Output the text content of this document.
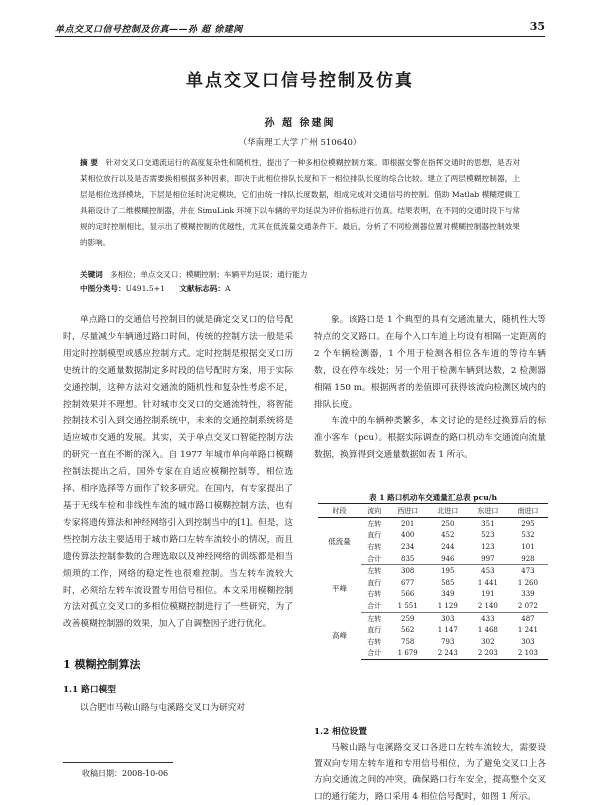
单点交叉口信号控制及仿真——孙 超 徐建闽	35
单点交叉口信号控制及仿真
孙 超 徐建闽
（华南理工大学 广州 510640）
摘 要 针对交叉口交通流运行的高度复杂性和随机性，提出了一种多相位模糊控制方案。即根据交警在指挥交通时的思想，是否对某相位放行以及是否需要换相根据多种因素，即决于此相位排队长度和下一相位排队长度的综合比较。建立了两层模糊控制器，上层是相位选择模块，下层是相位延时决定模块，它们由统一排队长度数据，组成完成对交通信号的控制。借助 Matlab 模糊逻辑工具箱设计了二维模糊控制器，并在 SimuLink 环境下以车辆的平均延误为评价指标进行仿真。结果表明，在不同的交通时段下与常规的定时控制相比，显示出了模糊控制的优越性，尤其在低流量交通条件下。最后，分析了不同检测器位置对模糊控制器控制效果的影响。
关键词 多相位；单点交叉口；模糊控制；车辆平均延误；通行能力
中图分类号：U491.5+1 文献标志码：A

单点路口的交通信号控制目的就是确定交叉口的信号配时，尽量减少车辆通过路口时间，传统的控制方法一般是采用定时控制模型或感应控制方式。定时控制是根据交叉口历史统计的交通量数据制定多时段的信号配时方案，用于实际交通控制，这种方法对交通流的随机性和复杂性考虑不足，控制效果并不理想。针对城市交叉口的交通流特性，将智能控制技术引入到交通控制系统中，未来的交通控制系统将是适应城市交通的发展。其实，关于单点交叉口智能控制方法的研究一直在不断的深入。自 1977 年城市单向单路口模糊控制法提出之后，国外专家在自适应模糊控制等，相位选择、相序选择等方面作了较多研究。在国内，有专家提出了基于无线车检和非线性车流的城市路口模糊控制方法，也有专家将遗传算法和神经网络引入到控制当中的[1]。但是，这些控制方法主要适用于城市路口左转车流较小的情况，而且遗传算法控制参数的合理选取以及神经网络的训练都是相当烦琐的工作，网络的稳定性也很难控制。当左转车流较大时，必须给左转车流设置专用信号相位。本文采用模糊控制方法对孤立交叉口的多相位模糊控制进行了一些研究，为了改善模糊控制器的效果，加入了自调整因子进行优化。

1 模糊控制算法
1.1 路口模型
以合肥市马鞍山路与屯溪路交叉口为研究对
收稿日期：2008-10-06

象。该路口是 1 个典型的具有交通流量大，随机性大等特点的交叉路口。在每个入口车道上均设有相隔一定距离的 2 个车辆检测器，1 个用于检测各相位各车道的等待车辆数，设在停车线处；另一个用于检测车辆到达数，2 检测器相隔 150 m。根据两者的差值即可获得该流向检测区域内的排队长度。

车流中的车辆种类繁多，本文讨论的是经过换算后的标准小客车（pcu）。根据实际调查的路口机动车交通流向流量数据，换算得到交通量数据如表 1 所示。

表 1 路口机动车交通量汇总表 pcu/h
时段	流向	西进口	北进口	东进口	南进口
低流量	左转	201	250	351	295
	直行	400	452	523	532
	右转	234	244	123	101
	合计	835	946	997	928
平峰	左转	308	195	453	473
	直行	677	585	1 441	1 260
	右转	566	349	191	339
	合计	1 551	1 129	2 140	2 072
高峰	左转	259	303	433	487
	直行	562	1 147	1 468	1 241
	右转	758	793	302	303
	合计	1 679	2 243	2 203	2 103
1.2 相位设置
马鞍山路与屯溪路交叉口各进口左转车流较大，需要设置双向专用左转车道和专用信号相位，为了避免交叉口上各方向交通流之间的冲突，确保路口行车安全，提高整个交叉口的通行能力，路口采用 4 相位信号配时，如图 1 所示。
